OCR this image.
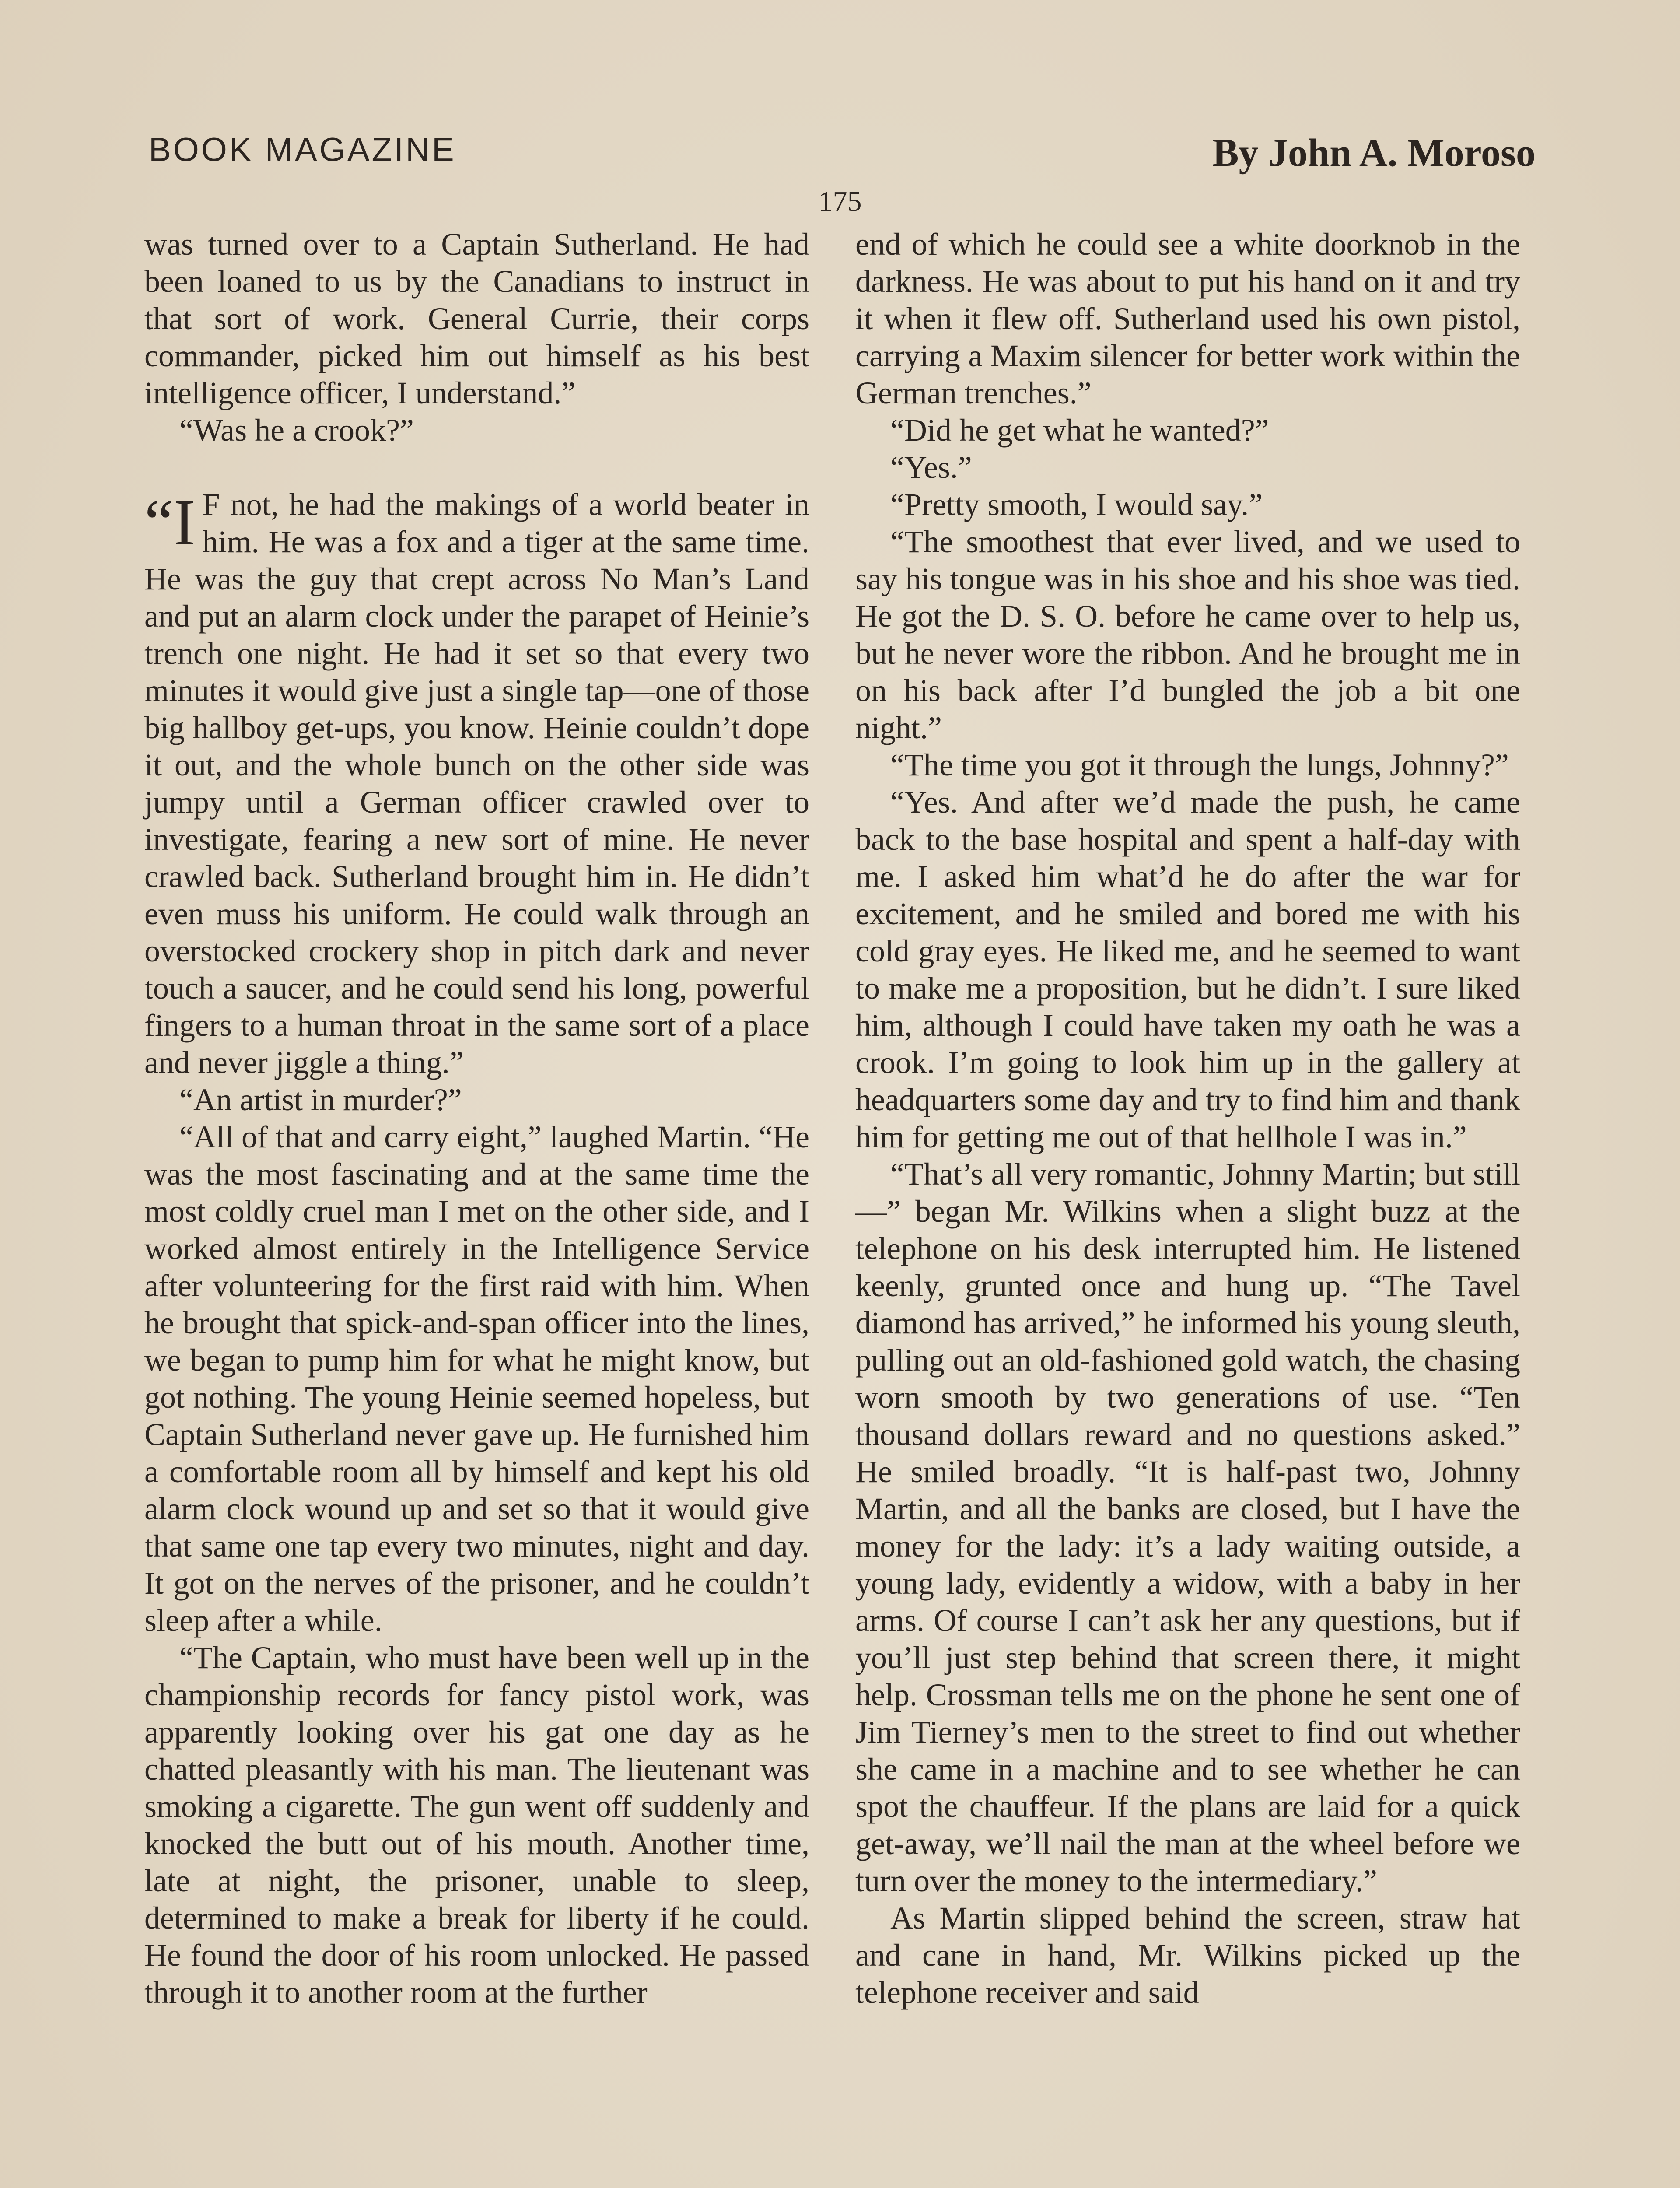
BOOK MAGAZINE	By John A. Moroso
175

was turned over to a Captain Sutherland. He had been loaned to us by the Canadians to instruct in that sort of work. General Currie, their corps commander, picked him out himself as his best intelligence officer, I understand.”

“Was he a crook?”

“I F not, he had the makings of a world beater in him. He was a fox and a tiger at the same time. He was the guy that crept across No Man’s Land and put an alarm clock under the parapet of Heinie’s trench one night. He had it set so that every two minutes it would give just a single tap—one of those big hallboy get-ups, you know. Heinie couldn’t dope it out, and the whole bunch on the other side was jumpy until a German officer crawled over to investigate, fearing a new sort of mine. He never crawled back. Sutherland brought him in. He didn’t even muss his uniform. He could walk through an overstocked crockery shop in pitch dark and never touch a saucer, and he could send his long, powerful fingers to a human throat in the same sort of a place and never jiggle a thing.”

“An artist in murder?”

“All of that and carry eight,” laughed Martin. “He was the most fascinating and at the same time the most coldly cruel man I met on the other side, and I worked almost entirely in the Intelligence Service after volunteering for the first raid with him. When he brought that spick-and-span officer into the lines, we began to pump him for what he might know, but got nothing. The young Heinie seemed hopeless, but Captain Sutherland never gave up. He furnished him a comfortable room all by himself and kept his old alarm clock wound up and set so that it would give that same one tap every two minutes, night and day. It got on the nerves of the prisoner, and he couldn’t sleep after a while.

“The Captain, who must have been well up in the championship records for fancy pistol work, was apparently looking over his gat one day as he chatted pleasantly with his man. The lieutenant was smoking a cigarette. The gun went off suddenly and knocked the butt out of his mouth. Another time, late at night, the prisoner, unable to sleep, determined to make a break for liberty if he could. He found the door of his room unlocked. He passed through it to another room at the further

end of which he could see a white doorknob in the darkness. He was about to put his hand on it and try it when it flew off. Sutherland used his own pistol, carrying a Maxim silencer for better work within the German trenches.”

“Did he get what he wanted?”

“Yes.”

“Pretty smooth, I would say.”

“The smoothest that ever lived, and we used to say his tongue was in his shoe and his shoe was tied. He got the D. S. O. before he came over to help us, but he never wore the ribbon. And he brought me in on his back after I’d bungled the job a bit one night.”

“The time you got it through the lungs, Johnny?”

“Yes. And after we’d made the push, he came back to the base hospital and spent a half-day with me. I asked him what’d he do after the war for excitement, and he smiled and bored me with his cold gray eyes. He liked me, and he seemed to want to make me a proposition, but he didn’t. I sure liked him, although I could have taken my oath he was a crook. I’m going to look him up in the gallery at headquarters some day and try to find him and thank him for getting me out of that hellhole I was in.”

“That’s all very romantic, Johnny Martin; but still—” began Mr. Wilkins when a slight buzz at the telephone on his desk interrupted him. He listened keenly, grunted once and hung up. “The Tavel diamond has arrived,” he informed his young sleuth, pulling out an old-fashioned gold watch, the chasing worn smooth by two generations of use. “Ten thousand dollars reward and no questions asked.” He smiled broadly. “It is half-past two, Johnny Martin, and all the banks are closed, but I have the money for the lady: it’s a lady waiting outside, a young lady, evidently a widow, with a baby in her arms. Of course I can’t ask her any questions, but if you’ll just step behind that screen there, it might help. Crossman tells me on the phone he sent one of Jim Tierney’s men to the street to find out whether she came in a machine and to see whether he can spot the chauffeur. If the plans are laid for a quick get-away, we’ll nail the man at the wheel before we turn over the money to the intermediary.”

As Martin slipped behind the screen, straw hat and cane in hand, Mr. Wilkins picked up the telephone receiver and said
